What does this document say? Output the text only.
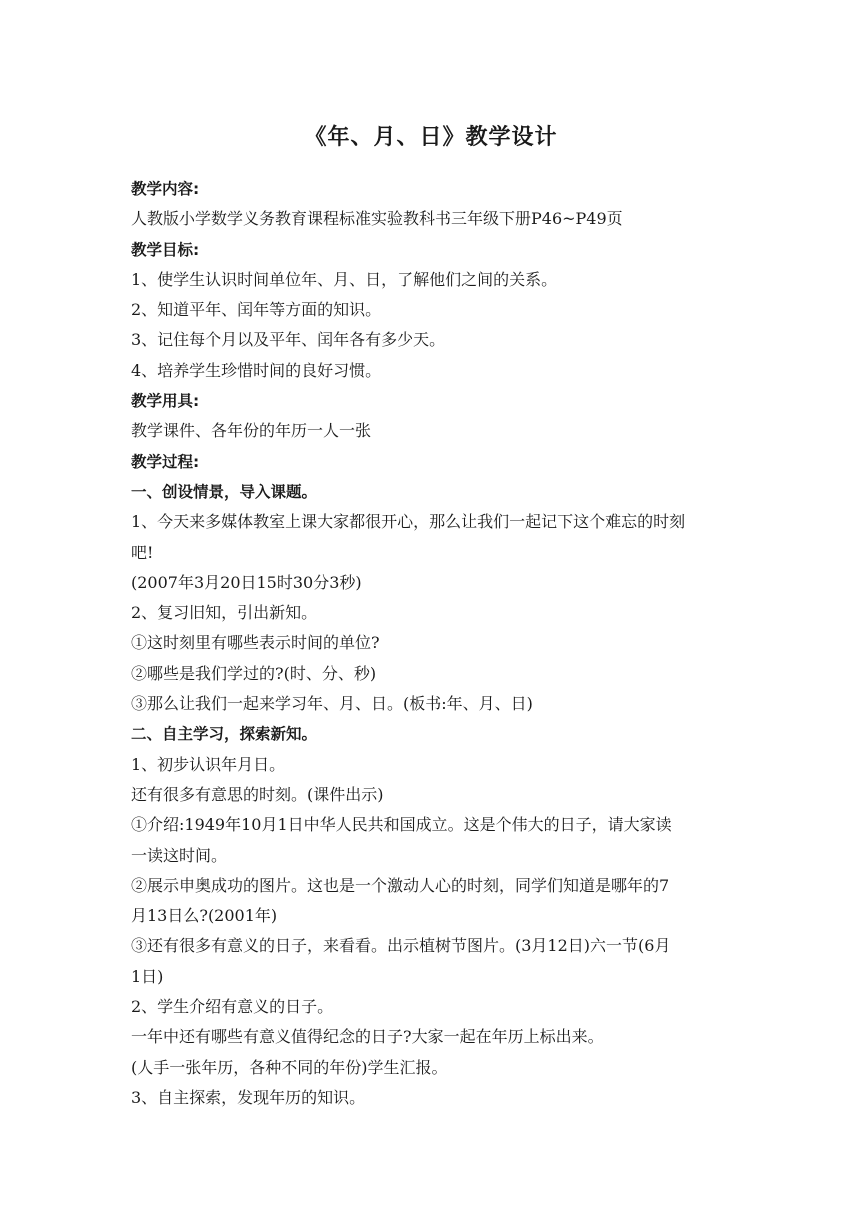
《年、月、日》教学设计
教学内容:
人教版小学数学义务教育课程标准实验教科书三年级下册P46~P49页
教学目标:
1、使学生认识时间单位年、月、日，了解他们之间的关系。
2、知道平年、闰年等方面的知识。
3、记住每个月以及平年、闰年各有多少天。
4、培养学生珍惜时间的良好习惯。
教学用具:
教学课件、各年份的年历一人一张
教学过程:
一、创设情景，导入课题。
1、今天来多媒体教室上课大家都很开心，那么让我们一起记下这个难忘的时刻
吧!
(2007年3月20日15时30分3秒)
2、复习旧知，引出新知。
①这时刻里有哪些表示时间的单位?
②哪些是我们学过的?(时、分、秒)
③那么让我们一起来学习年、月、日。(板书:年、月、日)
二、自主学习，探索新知。
1、初步认识年月日。
还有很多有意思的时刻。(课件出示)
①介绍:1949年10月1日中华人民共和国成立。这是个伟大的日子，请大家读
一读这时间。
②展示申奥成功的图片。这也是一个激动人心的时刻，同学们知道是哪年的7
月13日么?(2001年)
③还有很多有意义的日子，来看看。出示植树节图片。(3月12日)六一节(6月
1日)
2、学生介绍有意义的日子。
一年中还有哪些有意义值得纪念的日子?大家一起在年历上标出来。
(人手一张年历，各种不同的年份)学生汇报。
3、自主探索，发现年历的知识。
